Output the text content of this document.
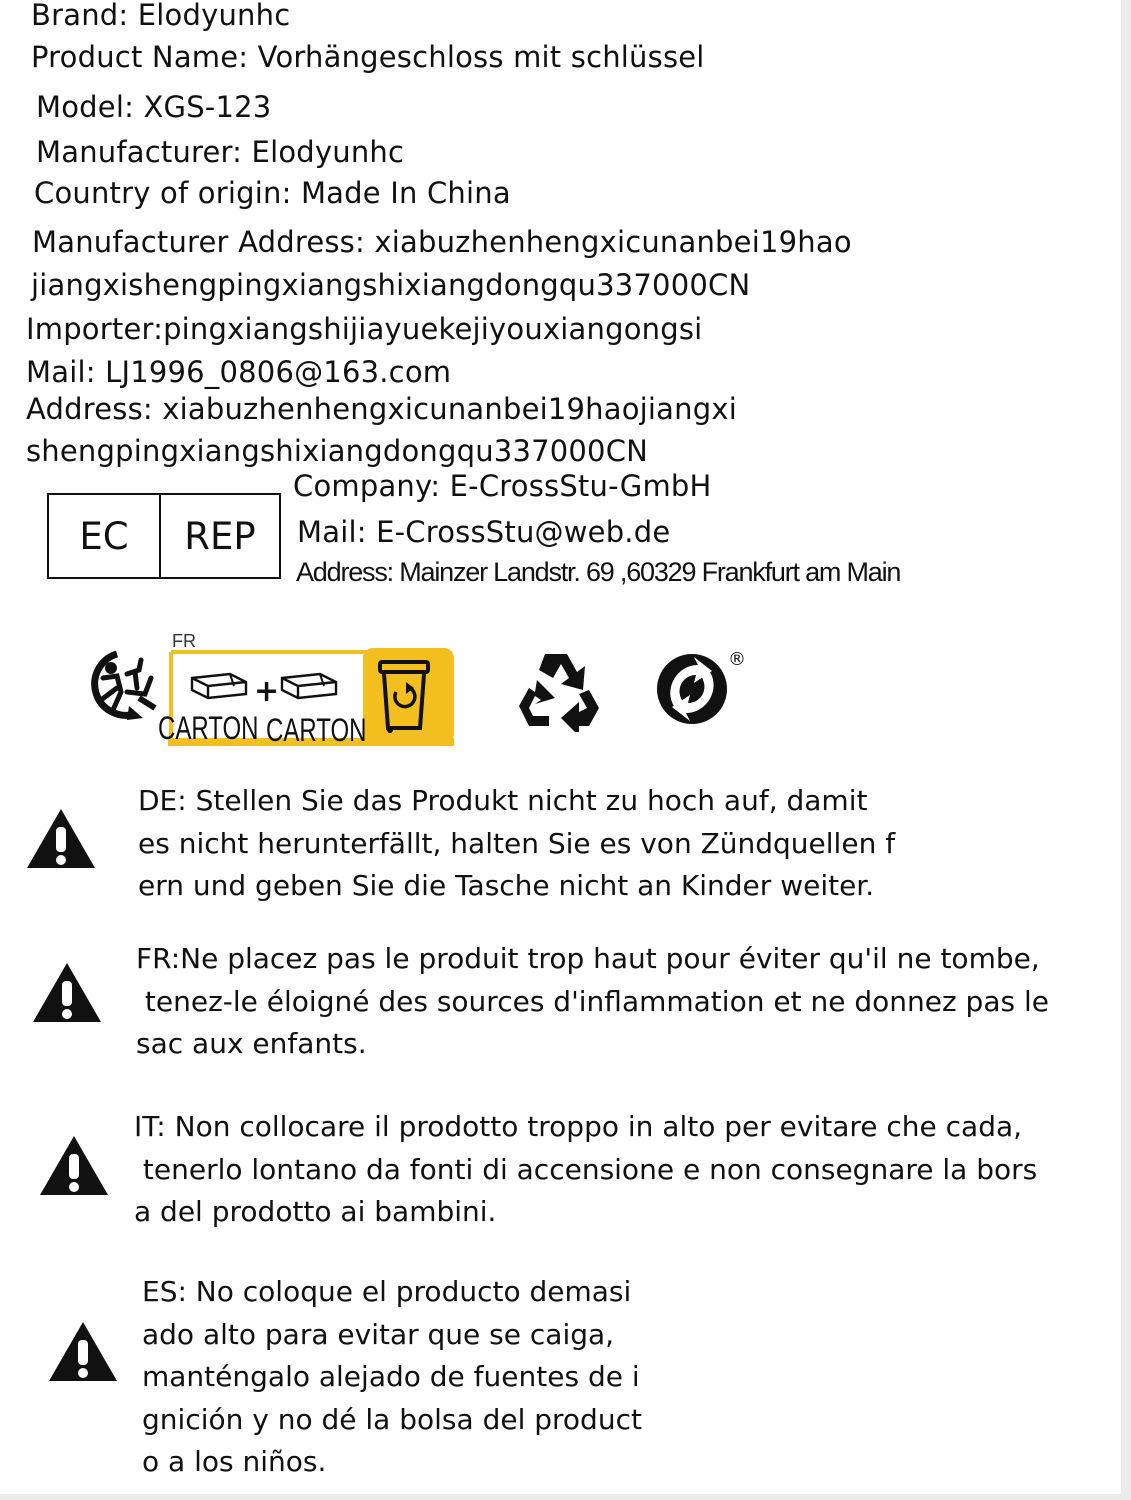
Brand: Elodyunhc
Product Name: Vorhängeschloss mit schlüssel
Model: XGS-123
Manufacturer: Elodyunhc
Country of origin: Made In China
Manufacturer Address: xiabuzhenhengxicunanbei19hao
jiangxishengpingxiangshixiangdongqu337000CN
Importer:pingxiangshijiayuekejiyouxiangongsi
Mail: LJ1996_0806@163.com
Address: xiabuzhenhengxicunanbei19haojiangxi
shengpingxiangshixiangdongqu337000CN
EC	REP
Company: E-CrossStu-GmbH
Mail: E-CrossStu@web.de
Address: Mainzer Landstr. 69 ,60329 Frankfurt am Main
FR
+
CARTON CARTON
®
DE: Stellen Sie das Produkt nicht zu hoch auf, damit
es nicht herunterfällt, halten Sie es von Zündquellen f
ern und geben Sie die Tasche nicht an Kinder weiter.
FR:Ne placez pas le produit trop haut pour éviter qu'il ne tombe,
tenez-le éloigné des sources d'inflammation et ne donnez pas le
sac aux enfants.
IT: Non collocare il prodotto troppo in alto per evitare che cada,
tenerlo lontano da fonti di accensione e non consegnare la bors
a del prodotto ai bambini.
ES: No coloque el producto demasi
ado alto para evitar que se caiga,
manténgalo alejado de fuentes de i
gnición y no dé la bolsa del product
o a los niños.
